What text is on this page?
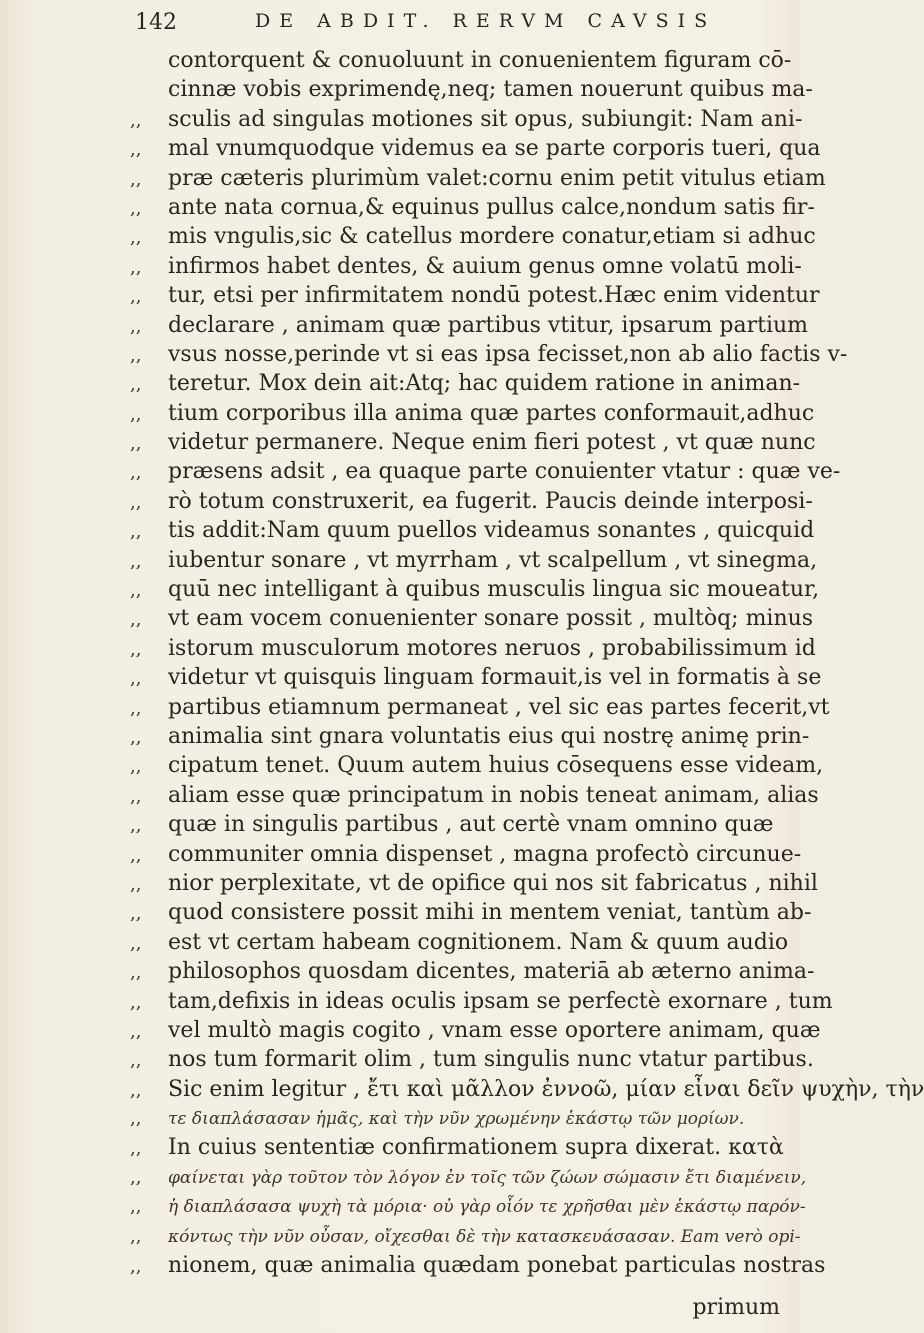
142	DE ABDIT. RERVM CAVSIS
contorquent & conuoluunt in conuenientem figuram cō-
cinnæ vobis exprimendę,neq; tamen nouerunt quibus ma-
,, sculis ad singulas motiones sit opus, subiungit: Nam ani-
,, mal vnumquodque videmus ea se parte corporis tueri, qua
,, præ cæteris plurimùm valet:cornu enim petit vitulus etiam
,, ante nata cornua,& equinus pullus calce,nondum satis fir-
,, mis vngulis,sic & catellus mordere conatur,etiam si adhuc
,, infirmos habet dentes, & auium genus omne volatū moli-
,, tur, etsi per infirmitatem nondū potest.Hæc enim videntur
,, declarare , animam quæ partibus vtitur, ipsarum partium
,, vsus nosse,perinde vt si eas ipsa fecisset,non ab alio factis v-
,, teretur. Mox dein ait:Atq; hac quidem ratione in animan-
,, tium corporibus illa anima quæ partes conformauit,adhuc
,, videtur permanere. Neque enim fieri potest , vt quæ nunc
,, præsens adsit , ea quaque parte conuienter vtatur : quæ ve-
,, rò totum construxerit, ea fugerit. Paucis deinde interposi-
,, tis addit:Nam quum puellos videamus sonantes , quicquid
,, iubentur sonare , vt myrrham , vt scalpellum , vt sinegma,
,, quū nec intelligant à quibus musculis lingua sic moueatur,
,, vt eam vocem conuenienter sonare possit , multòq; minus
,, istorum musculorum motores neruos , probabilissimum id
,, videtur vt quisquis linguam formauit,is vel in formatis à se
,, partibus etiamnum permaneat , vel sic eas partes fecerit,vt
,, animalia sint gnara voluntatis eius qui nostrę animę prin-
,, cipatum tenet. Quum autem huius cōsequens esse videam,
,, aliam esse quæ principatum in nobis teneat animam, alias
,, quæ in singulis partibus , aut certè vnam omnino quæ
,, communiter omnia dispenset , magna profectò circunue-
,, nior perplexitate, vt de opifice qui nos sit fabricatus , nihil
,, quod consistere possit mihi in mentem veniat, tantùm ab-
,, est vt certam habeam cognitionem. Nam & quum audio
,, philosophos quosdam dicentes, materiā ab æterno anima-
,, tam,defixis in ideas oculis ipsam se perfectè exornare , tum
,, vel multò magis cogito , vnam esse oportere animam, quæ
,, nos tum formarit olim , tum singulis nunc vtatur partibus.
,, Sic enim legitur , ἔτι καὶ μᾶλλον ἐννοῶ, μίαν εἶναι δεῖν ψυχὴν, τὴν
,, τε διαπλάσασαν ἡμᾶς, καὶ τὴν νῦν χρωμένην ἑκάστῳ τῶν μορίων.
,, In cuius sententiæ confirmationem supra dixerat. κατὰ
,, φαίνεται γὰρ τοῦτον τὸν λόγον ἐν τοῖς τῶν ζώων σώμασιν ἔτι διαμένειν,
,, ἡ διαπλάσασα ψυχὴ τὰ μόρια· οὐ γὰρ οἷόν τε χρῆσθαι μὲν ἑκάστῳ παρόν-
,, κόντως τὴν νῦν οὖσαν, οἴχεσθαι δὲ τὴν κατασκευάσασαν. Eam verò opi-
,, nionem, quæ animalia quædam ponebat particulas nostras
primum
